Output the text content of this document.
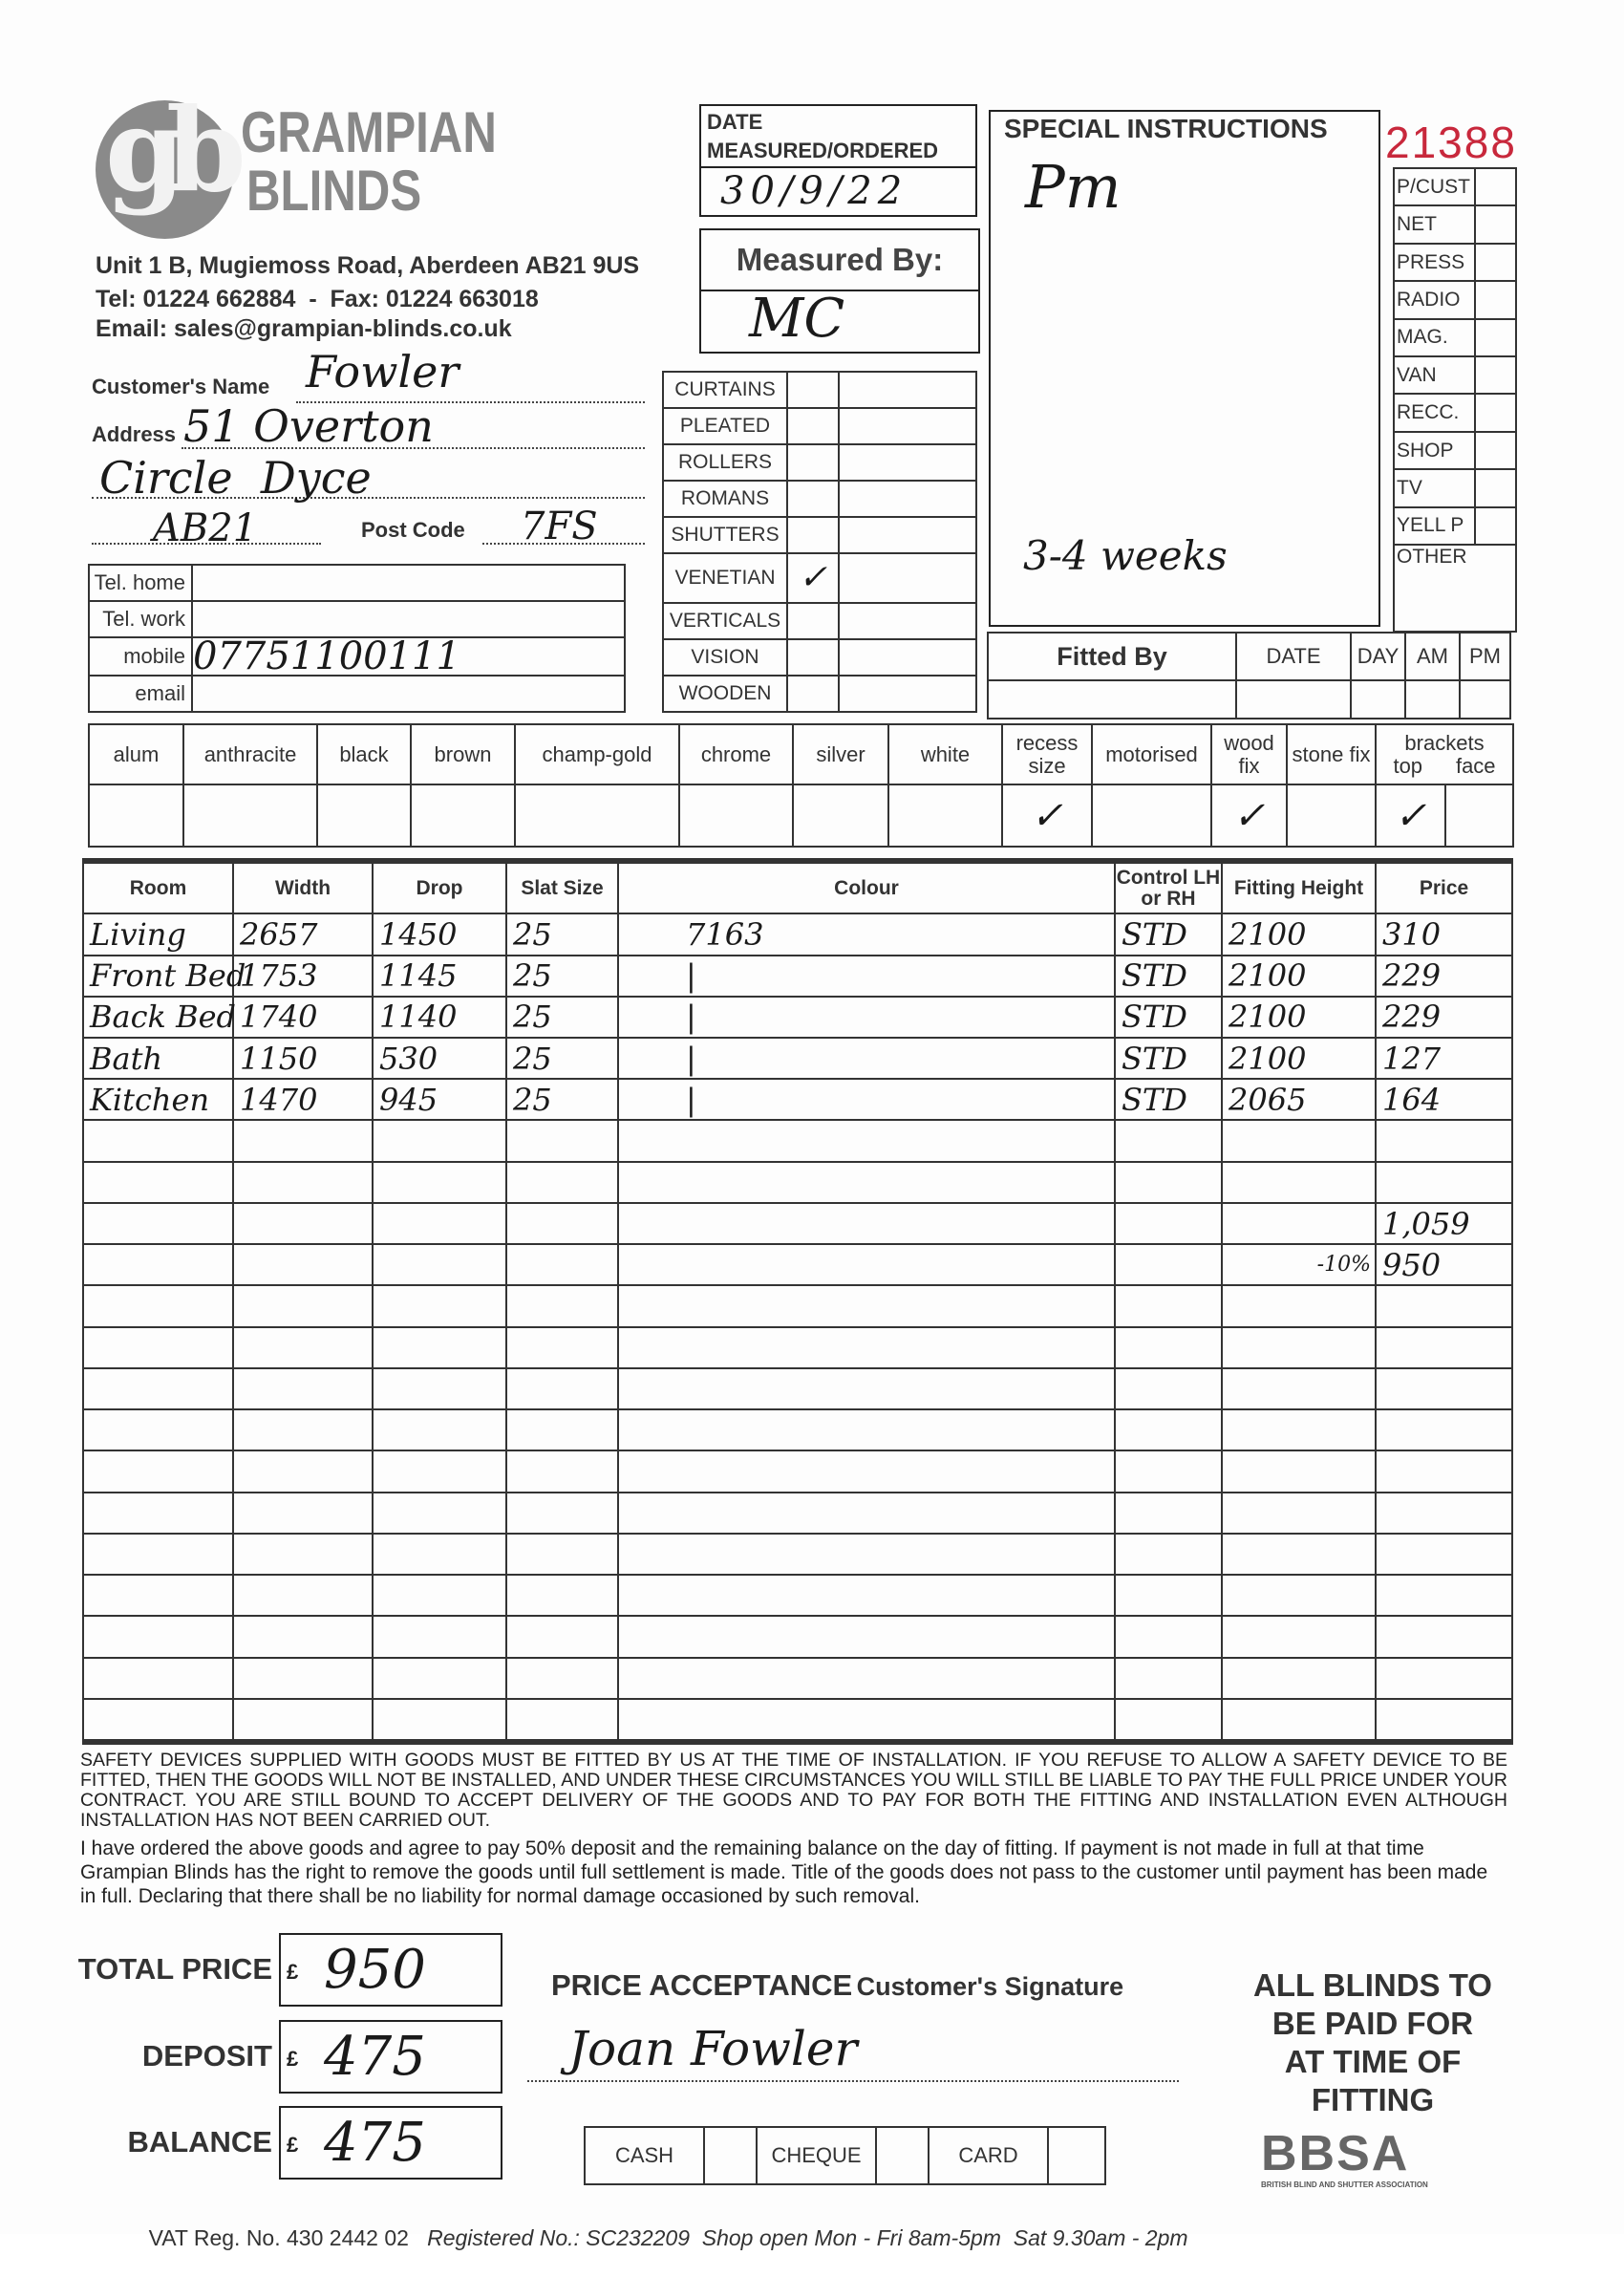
gb GRAMPIAN
BLINDS
Unit 1 B, Mugiemoss Road, Aberdeen AB21 9US
Tel: 01224 662884  -  Fax: 01224 663018
Email: sales@grampian-blinds.co.uk
Customer's Name Fowler
Address 51 Overton
Circle  Dyce
AB21	Post Code 7FS
Tel. home	
Tel. work	
mobile	07751100111
email	
DATE
MEASURED/ORDERED
30/9/22
Measured By:
MC
CURTAINS		
PLEATED		
ROLLERS		
ROMANS		
SHUTTERS		
VENETIAN	✓	
VERTICALS		
VISION		
WOODEN		
SPECIAL INSTRUCTIONS
Pm
3-4 weeks
21388
P/CUST	
NET	
PRESS	
RADIO	
MAG.	
VAN	
RECC.	
SHOP	
TV	
YELL P	
OTHER	
Fitted By	DATE	DAY	AM	PM

alum	anthracite	black	brown	champ-gold	chrome	silver	white	recess size	motorised	wood fix	stone fix	brackets
top face	

								✓		✓		✓	
Room	Width	Drop	Slat Size	Colour	Control LH or RH	Fitting Height	Price
Living	2657	1450	25	7163	STD	2100	310
Front Bed	1753	1145	25	|	STD	2100	229
Back Bed	1740	1140	25	|	STD	2100	229
Bath	1150	530	25	|	STD	2100	127
Kitchen	1470	945	25	|	STD	2065	164

							1,059
						-10%	950

SAFETY DEVICES SUPPLIED WITH GOODS MUST BE FITTED BY US AT THE TIME OF INSTALLATION. IF YOU REFUSE TO ALLOW A SAFETY DEVICE TO BE FITTED, THEN THE GOODS WILL NOT BE INSTALLED, AND UNDER THESE CIRCUMSTANCES YOU WILL STILL BE LIABLE TO PAY THE FULL PRICE UNDER YOUR CONTRACT. YOU ARE STILL BOUND TO ACCEPT DELIVERY OF THE GOODS AND TO PAY FOR BOTH THE FITTING AND INSTALLATION EVEN ALTHOUGH INSTALLATION HAS NOT BEEN CARRIED OUT.
I have ordered the above goods and agree to pay 50% deposit and the remaining balance on the day of fitting. If payment is not made in full at that time Grampian Blinds has the right to remove the goods until full settlement is made. Title of the goods does not pass to the customer until payment has been made in full. Declaring that there shall be no liability for normal damage occasioned by such removal.
TOTAL PRICE £ 950
DEPOSIT £ 475
BALANCE £ 475
PRICE ACCEPTANCE Customer's Signature
Joan Fowler
CASH		CHEQUE		CARD	
ALL BLINDS TO
BE PAID FOR
AT TIME OF
FITTING
BBSA
BRITISH BLIND AND SHUTTER ASSOCIATION

VAT Reg. No. 430 2442 02 Registered No.: SC232209  Shop open Mon - Fri 8am-5pm  Sat 9.30am - 2pm
